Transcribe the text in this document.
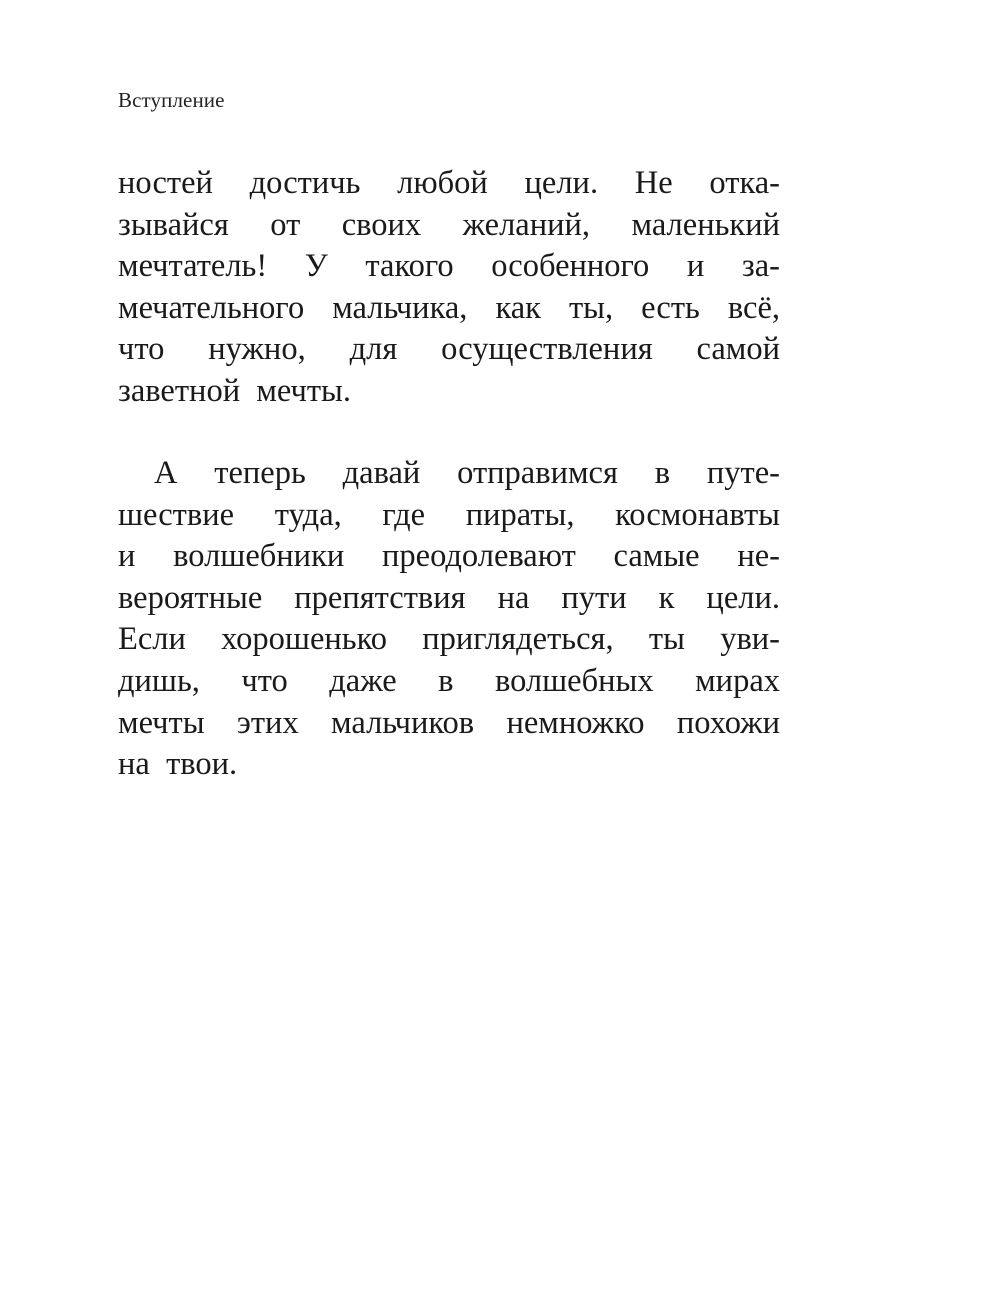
Вступление
ностей достичь любой цели. Не отка-
зывайся от своих желаний, маленький
мечтатель! У такого особенного и за-
мечательного мальчика, как ты, есть всё,
что нужно, для осуществления самой
заветной мечты.
А теперь давай отправимся в путе-
шествие туда, где пираты, космонавты
и волшебники преодолевают самые не-
вероятные препятствия на пути к цели.
Если хорошенько приглядеться, ты уви-
дишь, что даже в волшебных мирах
мечты этих мальчиков немножко похожи
на твои.
